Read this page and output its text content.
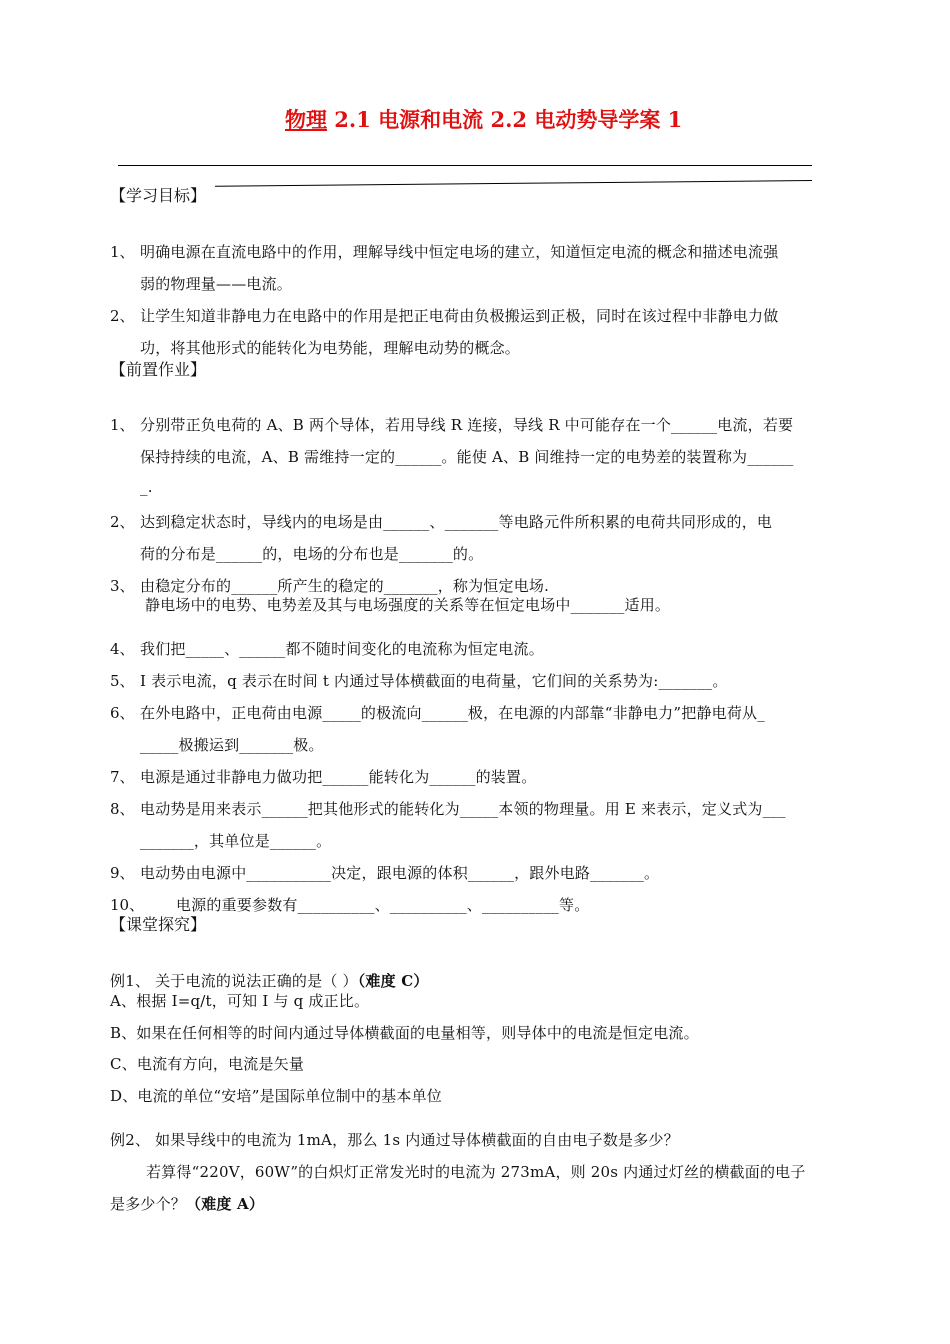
物理 2.1 电源和电流 2.2 电动势导学案 1
【学习目标】
1、 明确电源在直流电路中的作用，理解导线中恒定电场的建立，知道恒定电流的概念和描述电流强
弱的物理量——电流。
2、 让学生知道非静电力在电路中的作用是把正电荷由负极搬运到正极，同时在该过程中非静电力做
功，将其他形式的能转化为电势能，理解电动势的概念。
【前置作业】
1、 分别带正负电荷的 A、B 两个导体，若用导线 R 连接，导线 R 中可能存在一个______电流，若要
保持持续的电流，A、B 需维持一定的______。能使 A、B 间维持一定的电势差的装置称为______
_.
2、 达到稳定状态时，导线内的电场是由______、_______等电路元件所积累的电荷共同形成的，电
荷的分布是______的，电场的分布也是_______的。
3、 由稳定分布的______所产生的稳定的_______，称为恒定电场.
静电场中的电势、电势差及其与电场强度的关系等在恒定电场中_______适用。
4、 我们把_____、______都不随时间变化的电流称为恒定电流。
5、 I 表示电流，q 表示在时间 t 内通过导体横截面的电荷量，它们间的关系势为:_______。
6、 在外电路中，正电荷由电源_____的极流向______极，在电源的内部靠“非静电力”把静电荷从_
_____极搬运到_______极。
7、 电源是通过非静电力做功把______能转化为______的装置。
8、 电动势是用来表示______把其他形式的能转化为_____本领的物理量。用 E 来表示，定义式为___
_______，其单位是______。
9、 电动势由电源中___________决定，跟电源的体积______，跟外电路_______。
10、 电源的重要参数有__________、__________、__________等。
【课堂探究】
例1、 关于电流的说法正确的是（ ）（难度 C）
A、根据 I=q/t，可知 I 与 q 成正比。
B、如果在任何相等的时间内通过导体横截面的电量相等，则导体中的电流是恒定电流。
C、电流有方向，电流是矢量
D、电流的单位“安培”是国际单位制中的基本单位
例2、 如果导线中的电流为 1mA，那么 1s 内通过导体横截面的自由电子数是多少？
若算得“220V，60W”的白炽灯正常发光时的电流为 273mA，则 20s 内通过灯丝的横截面的电子
是多少个？（难度 A）
